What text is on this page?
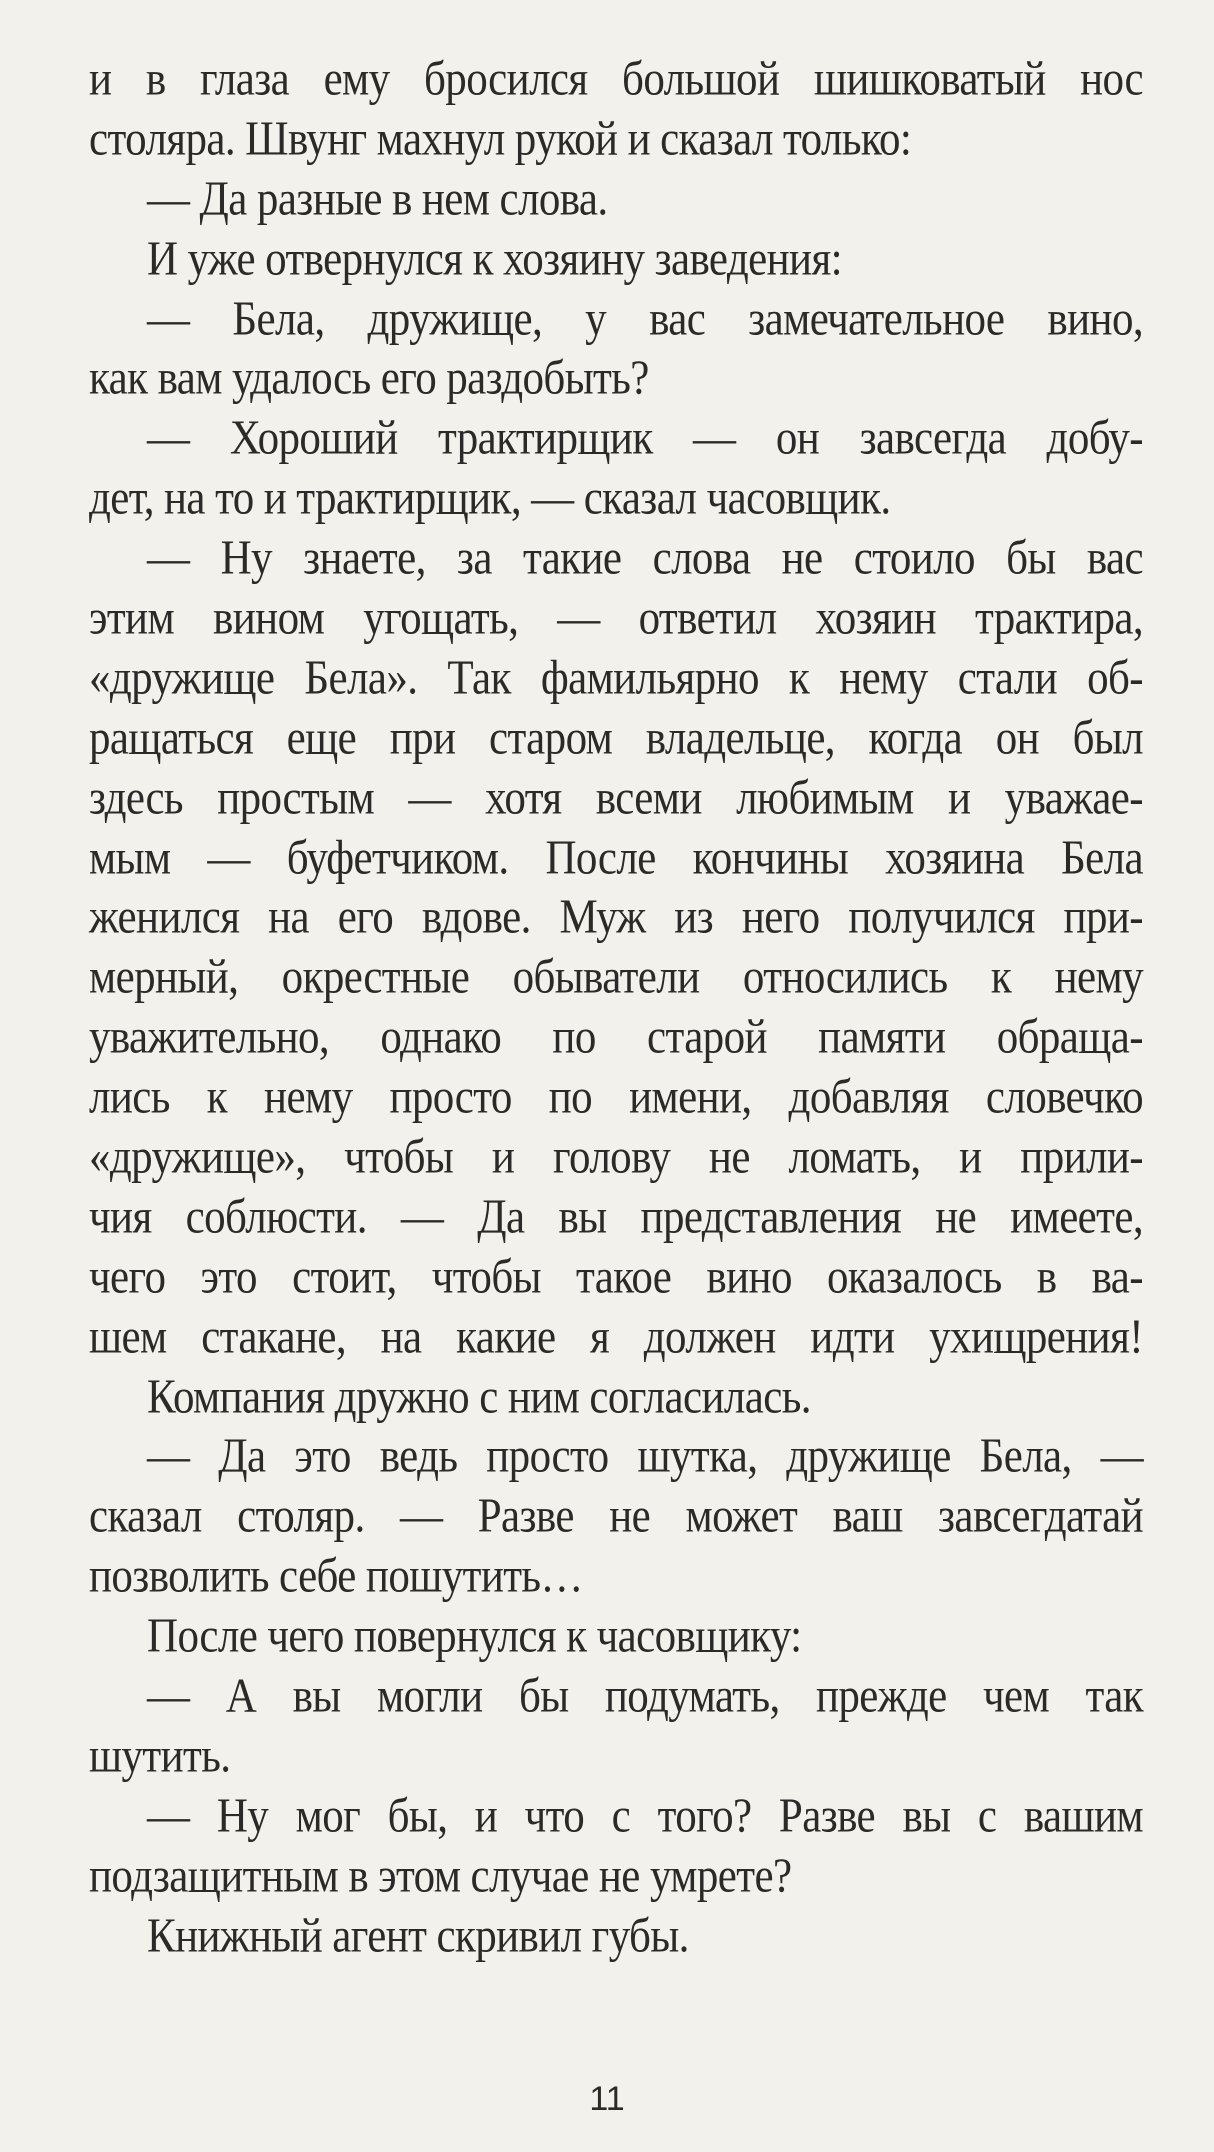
и в глаза ему бросился большой шишковатый нос
столяра. Швунг махнул рукой и сказал только:
— Да разные в нем слова.
И уже отвернулся к хозяину заведения:
— Бела, дружище, у вас замечательное вино,
как вам удалось его раздобыть?
— Хороший трактирщик — он завсегда добу-
дет, на то и трактирщик, — сказал часовщик.
— Ну знаете, за такие слова не стоило бы вас
этим вином угощать, — ответил хозяин трактира,
«дружище Бела». Так фамильярно к нему стали об-
ращаться еще при старом владельце, когда он был
здесь простым — хотя всеми любимым и уважае-
мым — буфетчиком. После кончины хозяина Бела
женился на его вдове. Муж из него получился при-
мерный, окрестные обыватели относились к нему
уважительно, однако по старой памяти обраща-
лись к нему просто по имени, добавляя словечко
«дружище», чтобы и голову не ломать, и прили-
чия соблюсти. — Да вы представления не имеете,
чего это стоит, чтобы такое вино оказалось в ва-
шем стакане, на какие я должен идти ухищрения!
Компания дружно с ним согласилась.
— Да это ведь просто шутка, дружище Бела, —
сказал столяр. — Разве не может ваш завсегдатай
позволить себе пошутить…
После чего повернулся к часовщику:
— А вы могли бы подумать, прежде чем так
шутить.
— Ну мог бы, и что с того? Разве вы с вашим
подзащитным в этом случае не умрете?
Книжный агент скривил губы.
11
